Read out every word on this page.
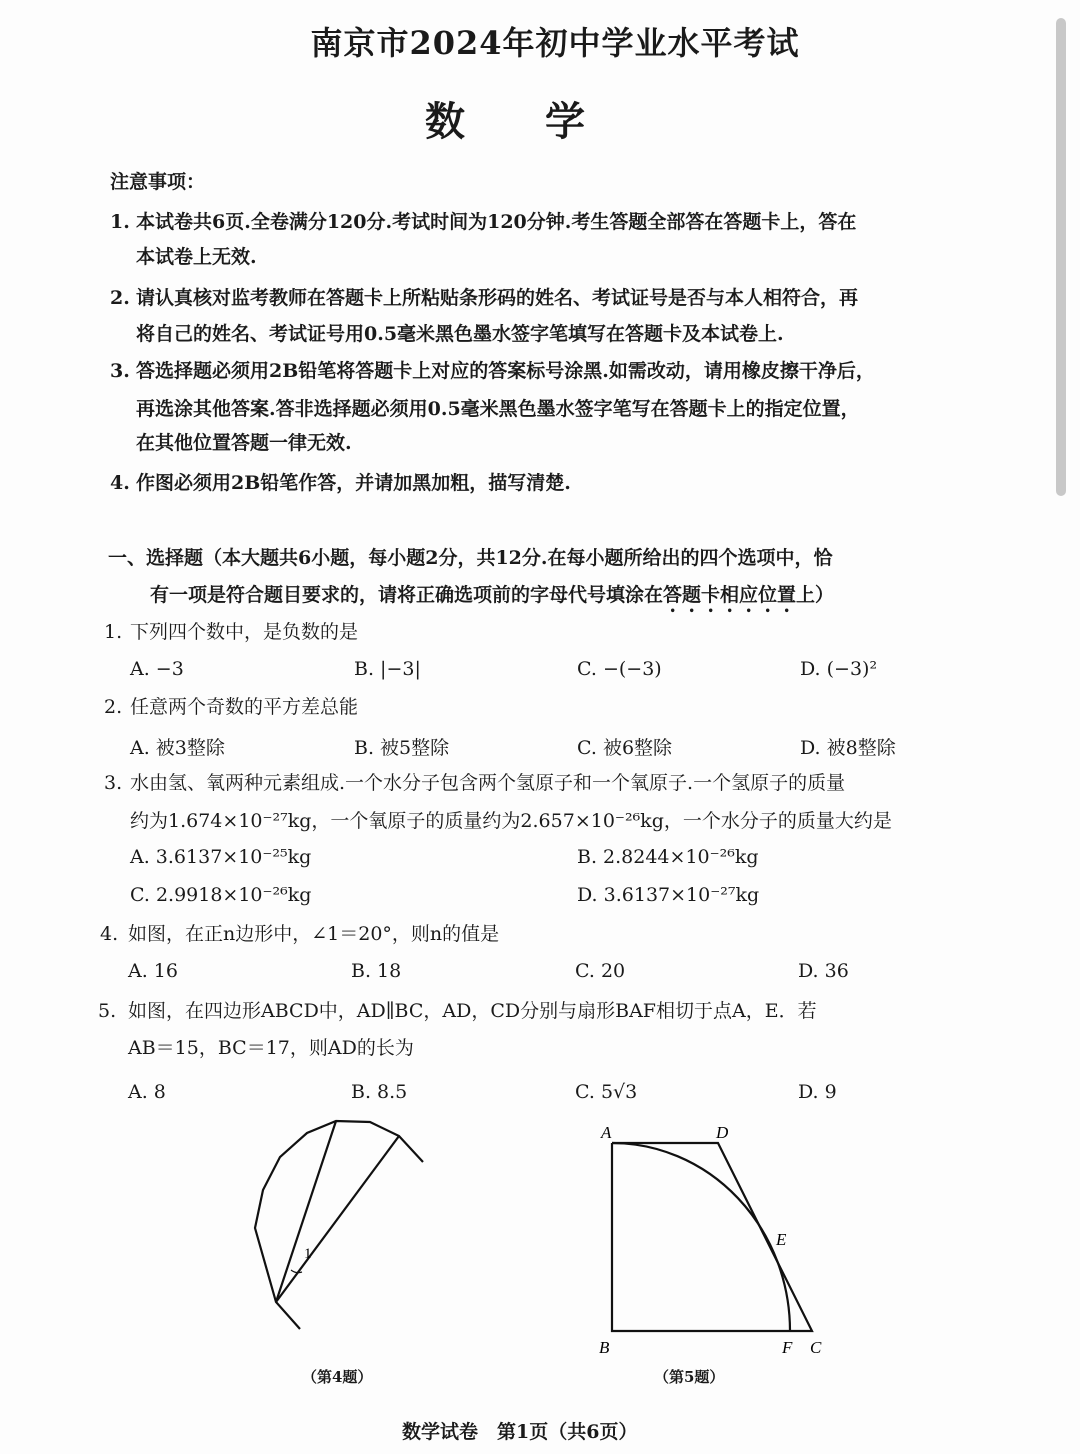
南京市2024年初中学业水平考试
数学
注意事项：
1. 本试卷共6页.全卷满分120分.考试时间为120分钟.考生答题全部答在答题卡上，答在
本试卷上无效.
2. 请认真核对监考教师在答题卡上所粘贴条形码的姓名、考试证号是否与本人相符合，再
将自己的姓名、考试证号用0.5毫米黑色墨水签字笔填写在答题卡及本试卷上.
3. 答选择题必须用2B铅笔将答题卡上对应的答案标号涂黑.如需改动，请用橡皮擦干净后，
再选涂其他答案.答非选择题必须用0.5毫米黑色墨水签字笔写在答题卡上的指定位置，
在其他位置答题一律无效.
4. 作图必须用2B铅笔作答，并请加黑加粗，描写清楚.
一、选择题（本大题共6小题，每小题2分，共12分.在每小题所给出的四个选项中，恰
有一项是符合题目要求的，请将正确选项前的字母代号填涂在答题卡相应位置上）
1. 下列四个数中，是负数的是
A. −3	B. |−3|	C. −(−3)	D. (−3)²
2. 任意两个奇数的平方差总能
A. 被3整除	B. 被5整除	C. 被6整除	D. 被8整除
3. 水由氢、氧两种元素组成.一个水分子包含两个氢原子和一个氧原子.一个氢原子的质量
约为1.674×10⁻²⁷kg，一个氧原子的质量约为2.657×10⁻²⁶kg，一个水分子的质量大约是
A. 3.6137×10⁻²⁵kg	B. 2.8244×10⁻²⁶kg
C. 2.9918×10⁻²⁶kg	D. 3.6137×10⁻²⁷kg
4. 如图，在正n边形中，∠1＝20°，则n的值是
A. 16	B. 18	C. 20	D. 36
5. 如图，在四边形ABCD中，AD∥BC，AD，CD分别与扇形BAF相切于点A，E．若
AB＝15，BC＝17，则AD的长为
A. 8	B. 8.5	C. 5√3	D. 9
1
A	D
E
B	F C
（第4题）	（第5题）
数学试卷　第1页（共6页）
